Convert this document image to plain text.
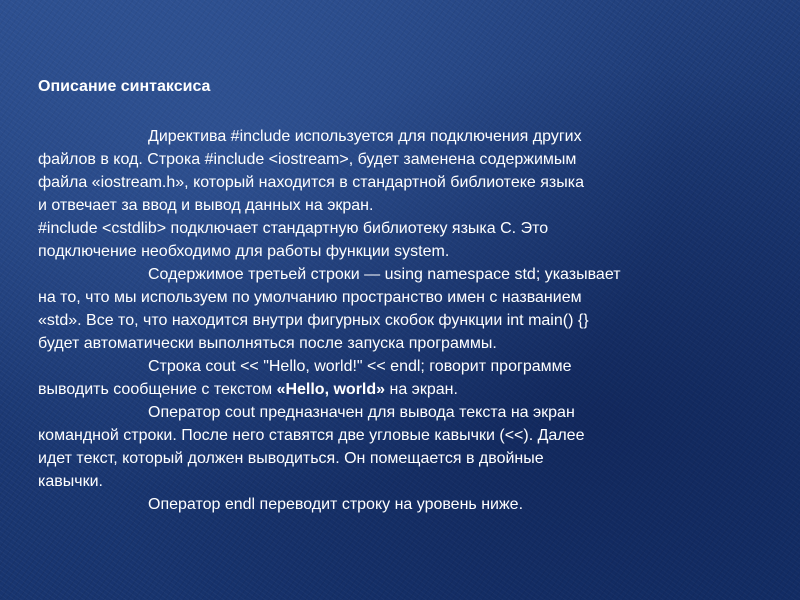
Описание синтаксиса
Директива #include используется для подключения других
файлов в код. Строка #include <iostream>, будет заменена содержимым
файла «iostream.h», который находится в стандартной библиотеке языка
и отвечает за ввод и вывод данных на экран.
#include <cstdlib> подключает стандартную библиотеку языка C. Это
подключение необходимо для работы функции system.
Содержимое третьей строки — using namespace std; указывает
на то, что мы используем по умолчанию пространство имен с названием
«std». Все то, что находится внутри фигурных скобок функции int main() {}
будет автоматически выполняться после запуска программы.
Строка cout << "Hello, world!" << endl; говорит программе
выводить сообщение с текстом «Hello, world» на экран.
Оператор cout предназначен для вывода текста на экран
командной строки. После него ставятся две угловые кавычки (<<). Далее
идет текст, который должен выводиться. Он помещается в двойные
кавычки.
Оператор endl переводит строку на уровень ниже.
